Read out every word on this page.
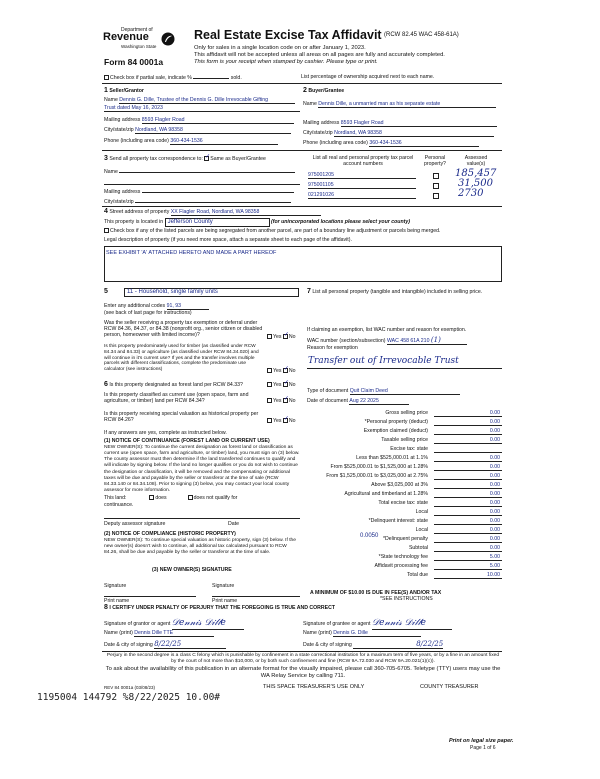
Department of
Revenue
Washington State
Form 84 0001a
Real Estate Excise Tax Affidavit (RCW 82.45 WAC 458-61A)
Only for sales in a single location code on or after January 1, 2023.
This affidavit will not be accepted unless all areas on all pages are fully and accurately completed.
This form is your receipt when stamped by cashier. Please type or print.
Check box if partial sale, indicate %	sold.	List percentage of ownership acquired next to each name.
1 Seller/Grantor
Name Dennis G. Dille, Trustee of the Dennis G. Dille Irrevocable Gifting
Trust dated May 16, 2023
Mailing address 8593 Flagler Road
City/state/zip Nordland, WA 98358
Phone (including area code) 360-434-1536
2 Buyer/Grantee
Name Dennis Dille, a unmarried man as his separate estate
Mailing address 8593 Flagler Road
City/state/zip Nordland, WA 98358
Phone (including area code) 360-434-1536
3 Send all property tax correspondence to: ✓ Same as Buyer/Grantee
Name
Mailing address
City/state/zip
List all real and personal property tax parcel account numbers
Personal property?
Assessed value(s)
975001205	185,457
975001105	31,500
021291026	2730
4 Street address of property XX Flagler Road, Nordland, WA 98358
This property is located in Jefferson County	(for unincorporated locations please select your county)
Check box if any of the listed parcels are being segregated from another parcel, are part of a boundary line adjustment or parcels being merged.
Legal description of property (if you need more space, attach a separate sheet to each page of the affidavit).
SEE EXHIBIT 'A' ATTACHED HERETO AND MADE A PART HEREOF
5	11 - Household, single family units
Enter any additional codes 91, 93
(see back of last page for instructions)
Was the seller receiving a property tax exemption or deferral under RCW 84.36, 84.37, or 84.38 (nonprofit org., senior citizen or disabled person, homeowner with limited income)?	Yes ✓ No
Is this property predominately used for timber (as classified under RCW 84.34 and 84.33) or agriculture (as classified under RCW 84.34.020) and will continue in it's current use? If yes and the transfer involves multiple parcels with different classifications, complete the predominate use calculator (see instructions)	Yes ✓ No
6 Is this property designated as forest land per RCW 84.33?	Yes ✓ No
Is this property classified as current use (open space, farm and agriculture, or timber) land per RCW 84.34?	Yes ✓ No
Is this property receiving special valuation as historical property per RCW 84.26?	Yes ✓ No
If any answers are yes, complete as instructed below.
(1) NOTICE OF CONTINUANCE (FOREST LAND OR CURRENT USE)
NEW OWNER(S): To continue the current designation as forest land or classification as current use (open space, farm and agriculture, or timber) land, you must sign on (3) below. The county assessor must then determine if the land transferred continues to qualify and will indicate by signing below. If the land no longer qualifies or you do not wish to continue the designation or classification, it will be removed and the compensating or additional taxes will be due and payable by the seller or transferor at the time of sale (RCW 84.33.140 or 84.34.108). Prior to signing (3) below, you may contact your local county assessor for more information.
This land:	does	does not qualify for
continuance.
Deputy assessor signature	Date
(2) NOTICE OF COMPLIANCE (HISTORIC PROPERTY)
NEW OWNER(S): To continue special valuation as historic property, sign (3) below. If the new owner(s) doesn't wish to continue, all additional tax calculated pursuant to RCW 84.26, shall be due and payable by the seller or transferor at the time of sale.
(3) NEW OWNER(S) SIGNATURE
Signature	Signature
Print name	Print name
7 List all personal property (tangible and intangible) included in selling price.
If claiming an exemption, list WAC number and reason for exemption.
WAC number (section/subsection) WAC 458 61A 210 (1)
Reason for exemption
Transfer out of Irrevocable Trust
Type of document Quit Claim Deed
Date of document Aug 22 2025
Gross selling price	0.00
*Personal property (deduct)	0.00
Exemption claimed (deduct)	0.00
Taxable selling price	0.00
Excise tax: state
Less than $525,000.01 at 1.1%	0.00
From $525,000.01 to $1,525,000 at 1.28%	0.00
From $1,525,000.01 to $3,025,000 at 2.75%	0.00
Above $3,025,000 at 3%	0.00
Agricultural and timberland at 1.28%	0.00
Total excise tax: state	0.00
Local	0.00
*Delinquent interest: state	0.00
Local	0.00
*Delinquent penalty	0.00
Subtotal	0.00
*State technology fee	5.00
Affidavit processing fee	5.00
Total due	10.00
0.0050
A MINIMUM OF $10.00 IS DUE IN FEE(S) AND/OR TAX
*SEE INSTRUCTIONS
8 I CERTIFY UNDER PENALTY OF PERJURY THAT THE FOREGOING IS TRUE AND CORRECT
Signature of grantor or agent 𝒟𝑒𝓃𝓃𝒾𝓈 𝒟𝒾𝓁𝓁𝑒
Name (print) Dennis Dille TTE
Date & city of signing 8/22/25
Signature of grantee or agent 𝒟𝑒𝓃𝓃𝒾𝓈 𝒟𝒾𝓁𝓁𝑒
Name (print) Dennis G. Dille
Date & city of signing	8/22/25
Perjury in the second degree is a class C felony which is punishable by confinement in a state correctional institution for a maximum term of five years, or by a fine in an amount fixed by the court of not more than $10,000, or by both such confinement and fine (RCW 9A.72.030 and RCW 9A.20.021(1)(c)).
To ask about the availability of this publication in an alternate format for the visually impaired, please call 360-705-6705. Teletype (TTY) users may use the WA Relay Service by calling 711.
REV 84 0001a (03/08/23)	THIS SPACE TREASURER'S USE ONLY	COUNTY TREASURER
1195004 144792 %8/22/2025 10.00#
Print on legal size paper.
Page 1 of 6
